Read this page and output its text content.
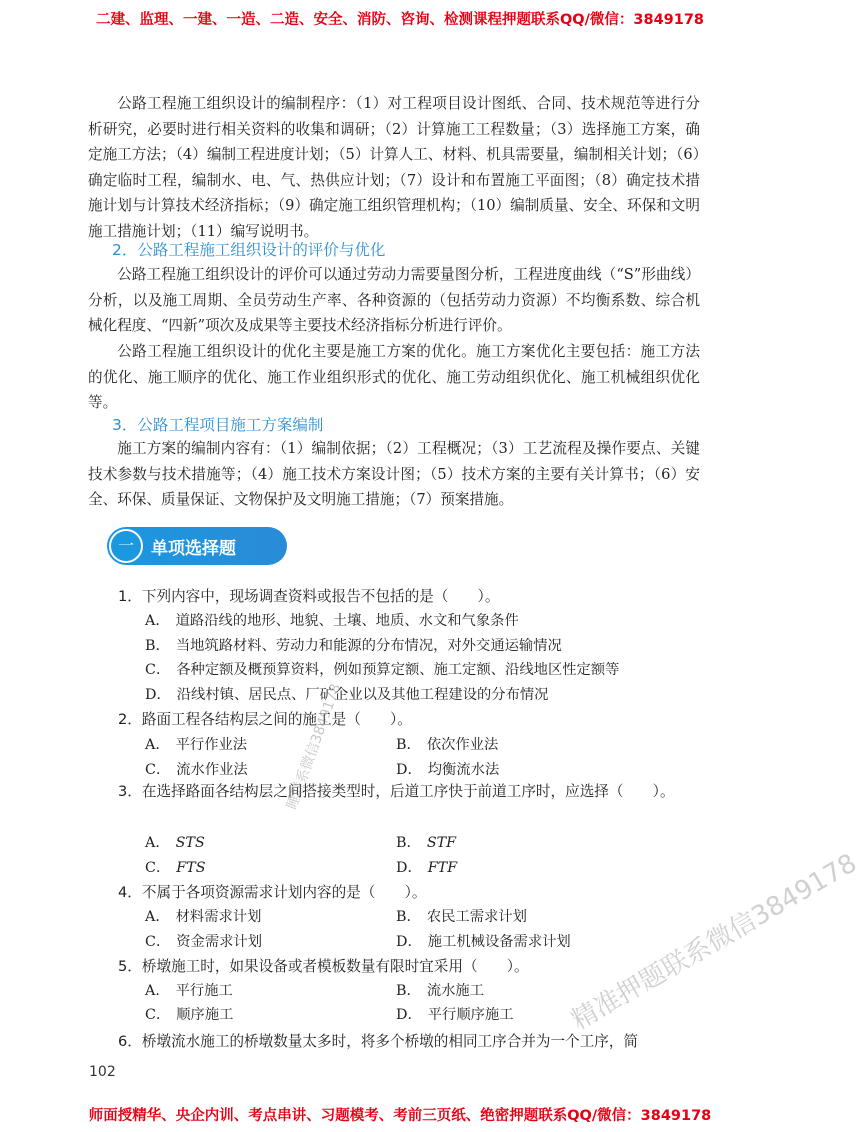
二建、监理、一建、一造、二造、安全、消防、咨询、检测课程押题联系QQ/微信：3849178

公路工程施工组织设计的编制程序：（1）对工程项目设计图纸、合同、技术规范等进行分析研究，必要时进行相关资料的收集和调研；（2）计算施工工程数量；（3）选择施工方案，确定施工方法；（4）编制工程进度计划；（5）计算人工、材料、机具需要量，编制相关计划；（6）确定临时工程，编制水、电、气、热供应计划；（7）设计和布置施工平面图；（8）确定技术措施计划与计算技术经济指标；（9）确定施工组织管理机构；（10）编制质量、安全、环保和文明施工措施计划；（11）编写说明书。

2．公路工程施工组织设计的评价与优化

公路工程施工组织设计的评价可以通过劳动力需要量图分析，工程进度曲线（“S”形曲线）分析，以及施工周期、全员劳动生产率、各种资源的（包括劳动力资源）不均衡系数、综合机械化程度、“四新”项次及成果等主要技术经济指标分析进行评价。

公路工程施工组织设计的优化主要是施工方案的优化。施工方案优化主要包括：施工方法的优化、施工顺序的优化、施工作业组织形式的优化、施工劳动组织优化、施工机械组织优化等。

3．公路工程项目施工方案编制

施工方案的编制内容有：（1）编制依据；（2）工程概况；（3）工艺流程及操作要点、关键技术参数与技术措施等；（4）施工技术方案设计图；（5）技术方案的主要有关计算书；（6）安全、环保、质量保证、文物保护及文明施工措施；（7）预案措施。

一	单项选择题
1．下列内容中，现场调查资料或报告不包括的是（　　）。
A． 道路沿线的地形、地貌、土壤、地质、水文和气象条件
B． 当地筑路材料、劳动力和能源的分布情况，对外交通运输情况
C． 各种定额及概预算资料，例如预算定额、施工定额、沿线地区性定额等
D． 沿线村镇、居民点、厂矿企业以及其他工程建设的分布情况
2．路面工程各结构层之间的施工是（　　）。
A． 平行作业法	B． 依次作业法
C． 流水作业法	D． 均衡流水法
3．在选择路面各结构层之间搭接类型时，后道工序快于前道工序时，应选择（　　）。
A． STS	B． STF
C． FTS	D． FTF
4．不属于各项资源需求计划内容的是（　　）。
A． 材料需求计划	B． 农民工需求计划
C． 资金需求计划	D． 施工机械设备需求计划
5．桥墩施工时，如果设备或者模板数量有限时宜采用（　　）。
A． 平行施工	B． 流水施工
C． 顺序施工	D． 平行顺序施工
6．桥墩流水施工的桥墩数量太多时，将多个桥墩的相同工序合并为一个工序，简
102
睡联系微信3849178
精准押题联系微信3849178
师面授精华、央企内训、考点串讲、习题模考、考前三页纸、绝密押题联系QQ/微信：3849178
